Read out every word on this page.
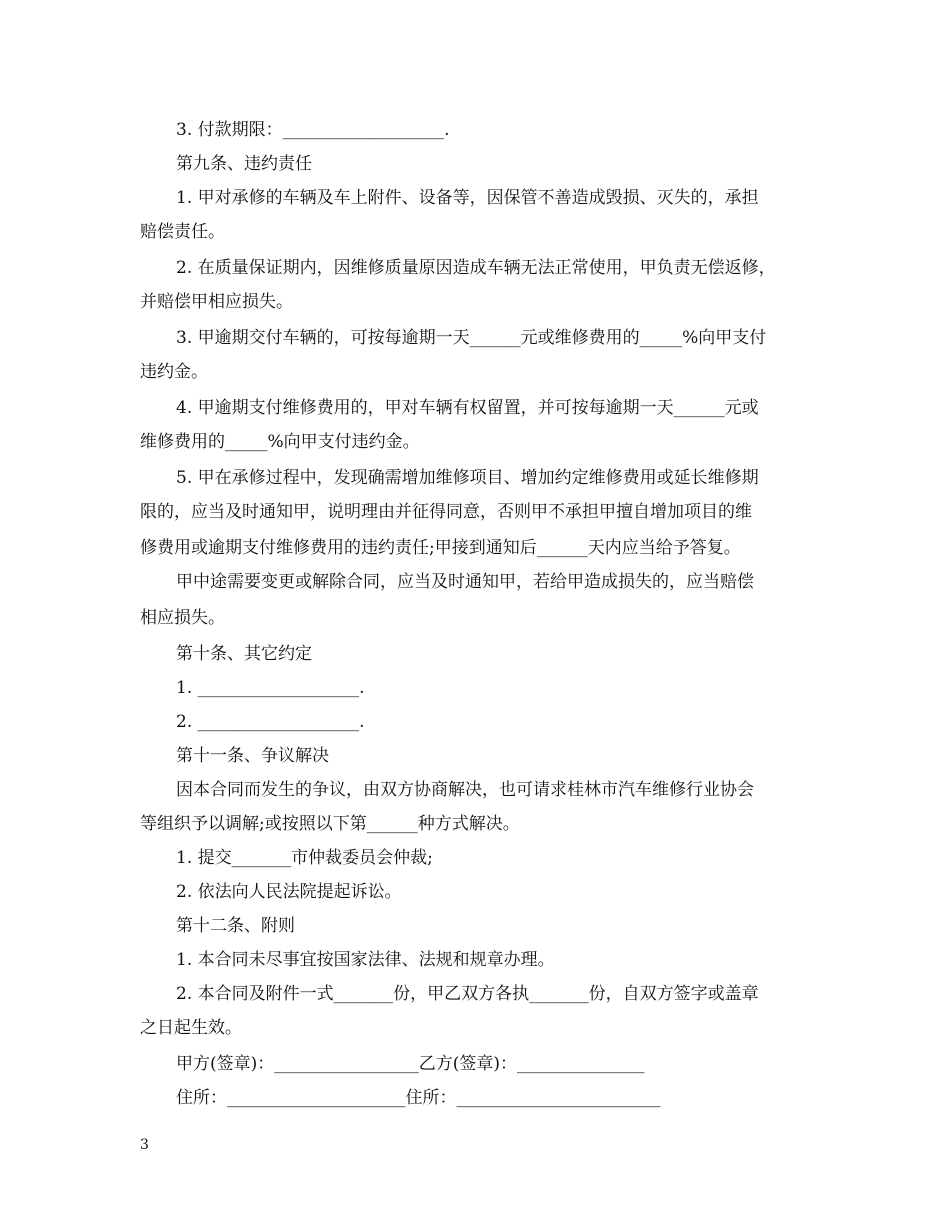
3. 付款期限：___________________.
第九条、违约责任
1. 甲对承修的车辆及车上附件、设备等，因保管不善造成毁损、灭失的，承担
赔偿责任。
2. 在质量保证期内，因维修质量原因造成车辆无法正常使用，甲负责无偿返修，
并赔偿甲相应损失。
3. 甲逾期交付车辆的，可按每逾期一天______元或维修费用的_____%向甲支付
违约金。
4. 甲逾期支付维修费用的，甲对车辆有权留置，并可按每逾期一天______元或
维修费用的_____%向甲支付违约金。
5. 甲在承修过程中，发现确需增加维修项目、增加约定维修费用或延长维修期
限的，应当及时通知甲，说明理由并征得同意，否则甲不承担甲擅自增加项目的维
修费用或逾期支付维修费用的违约责任;甲接到通知后______天内应当给予答复。
甲中途需要变更或解除合同，应当及时通知甲，若给甲造成损失的，应当赔偿
相应损失。
第十条、其它约定
1. ___________________.
2. ___________________.
第十一条、争议解决
因本合同而发生的争议，由双方协商解决，也可请求桂林市汽车维修行业协会
等组织予以调解;或按照以下第______种方式解决。
1. 提交_______市仲裁委员会仲裁;
2. 依法向人民法院提起诉讼。
第十二条、附则
1. 本合同未尽事宜按国家法律、法规和规章办理。
2. 本合同及附件一式_______份，甲乙双方各执_______份，自双方签字或盖章
之日起生效。
甲方(签章)：_________________乙方(签章)：_______________
住所：_____________________住所：________________________
3
